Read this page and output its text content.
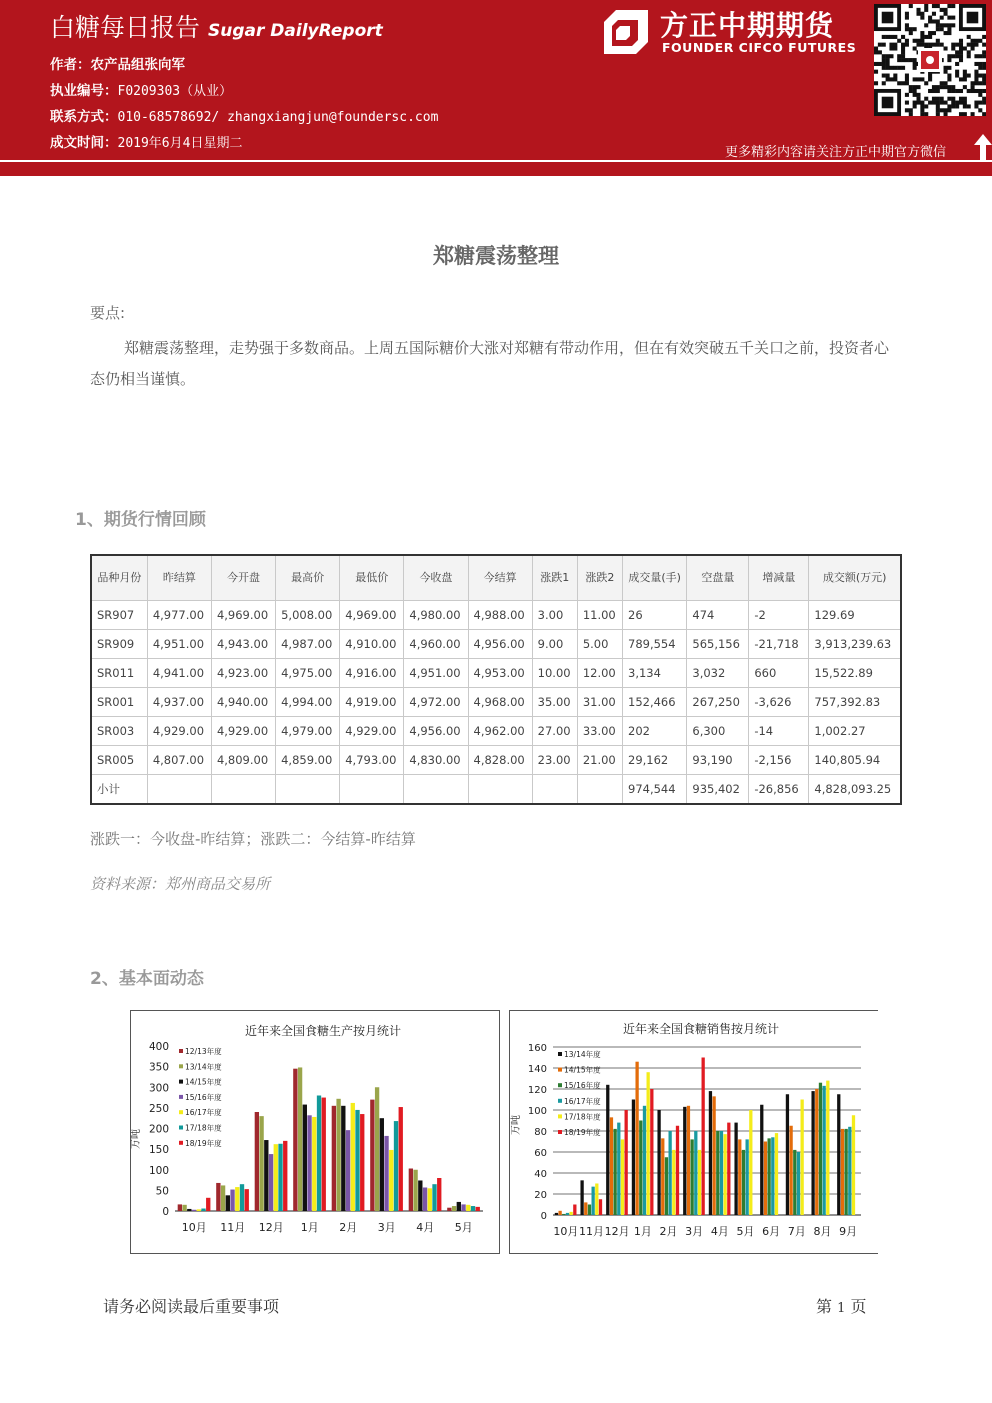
白糖每日报告 Sugar DailyReport
作者：农产品组张向军
执业编号：F0209303（从业）
联系方式：010-68578692/ zhangxiangjun@foundersc.com
成文时间：2019年6月4日星期二
方正中期期货
FOUNDER CIFCO FUTURES
更多精彩内容请关注方正中期官方微信
郑糖震荡整理
要点:
郑糖震荡整理，走势强于多数商品。上周五国际糖价大涨对郑糖有带动作用，但在有效突破五千关口之前，投资者心态仍相当谨慎。
1、期货行情回顾
品种月份	昨结算	今开盘	最高价	最低价	今收盘	今结算	涨跌1	涨跌2	成交量(手)	空盘量	增减量	成交额(万元)
SR907	4,977.00	4,969.00	5,008.00	4,969.00	4,980.00	4,988.00	3.00	11.00	26	474	-2	129.69
SR909	4,951.00	4,943.00	4,987.00	4,910.00	4,960.00	4,956.00	9.00	5.00	789,554	565,156	-21,718	3,913,239.63
SR011	4,941.00	4,923.00	4,975.00	4,916.00	4,951.00	4,953.00	10.00	12.00	3,134	3,032	660	15,522.89
SR001	4,937.00	4,940.00	4,994.00	4,919.00	4,972.00	4,968.00	35.00	31.00	152,466	267,250	-3,626	757,392.83
SR003	4,929.00	4,929.00	4,979.00	4,929.00	4,956.00	4,962.00	27.00	33.00	202	6,300	-14	1,002.27
SR005	4,807.00	4,809.00	4,859.00	4,793.00	4,830.00	4,828.00	23.00	21.00	29,162	93,190	-2,156	140,805.94
小计									974,544	935,402	-26,856	4,828,093.25
涨跌一：今收盘-昨结算；涨跌二：今结算-昨结算
资料来源：郑州商品交易所
2、基本面动态
近年来全国食糖生产按月统计
0
50
100
150
200
250
300
350
400
万吨
10月 11月 12月 1月 2月 3月 4月 5月
12/13年度
13/14年度
14/15年度
15/16年度
16/17年度
17/18年度
18/19年度
近年来全国食糖销售按月统计
0
20
40
60
80
100
120
140
160
万吨
10月 11月 12月 1月 2月 3月 4月 5月 6月 7月 8月 9月
13/14年度
14/15年度
15/16年度
16/17年度
17/18年度
18/19年度
请务必阅读最后重要事项	第 1 页
